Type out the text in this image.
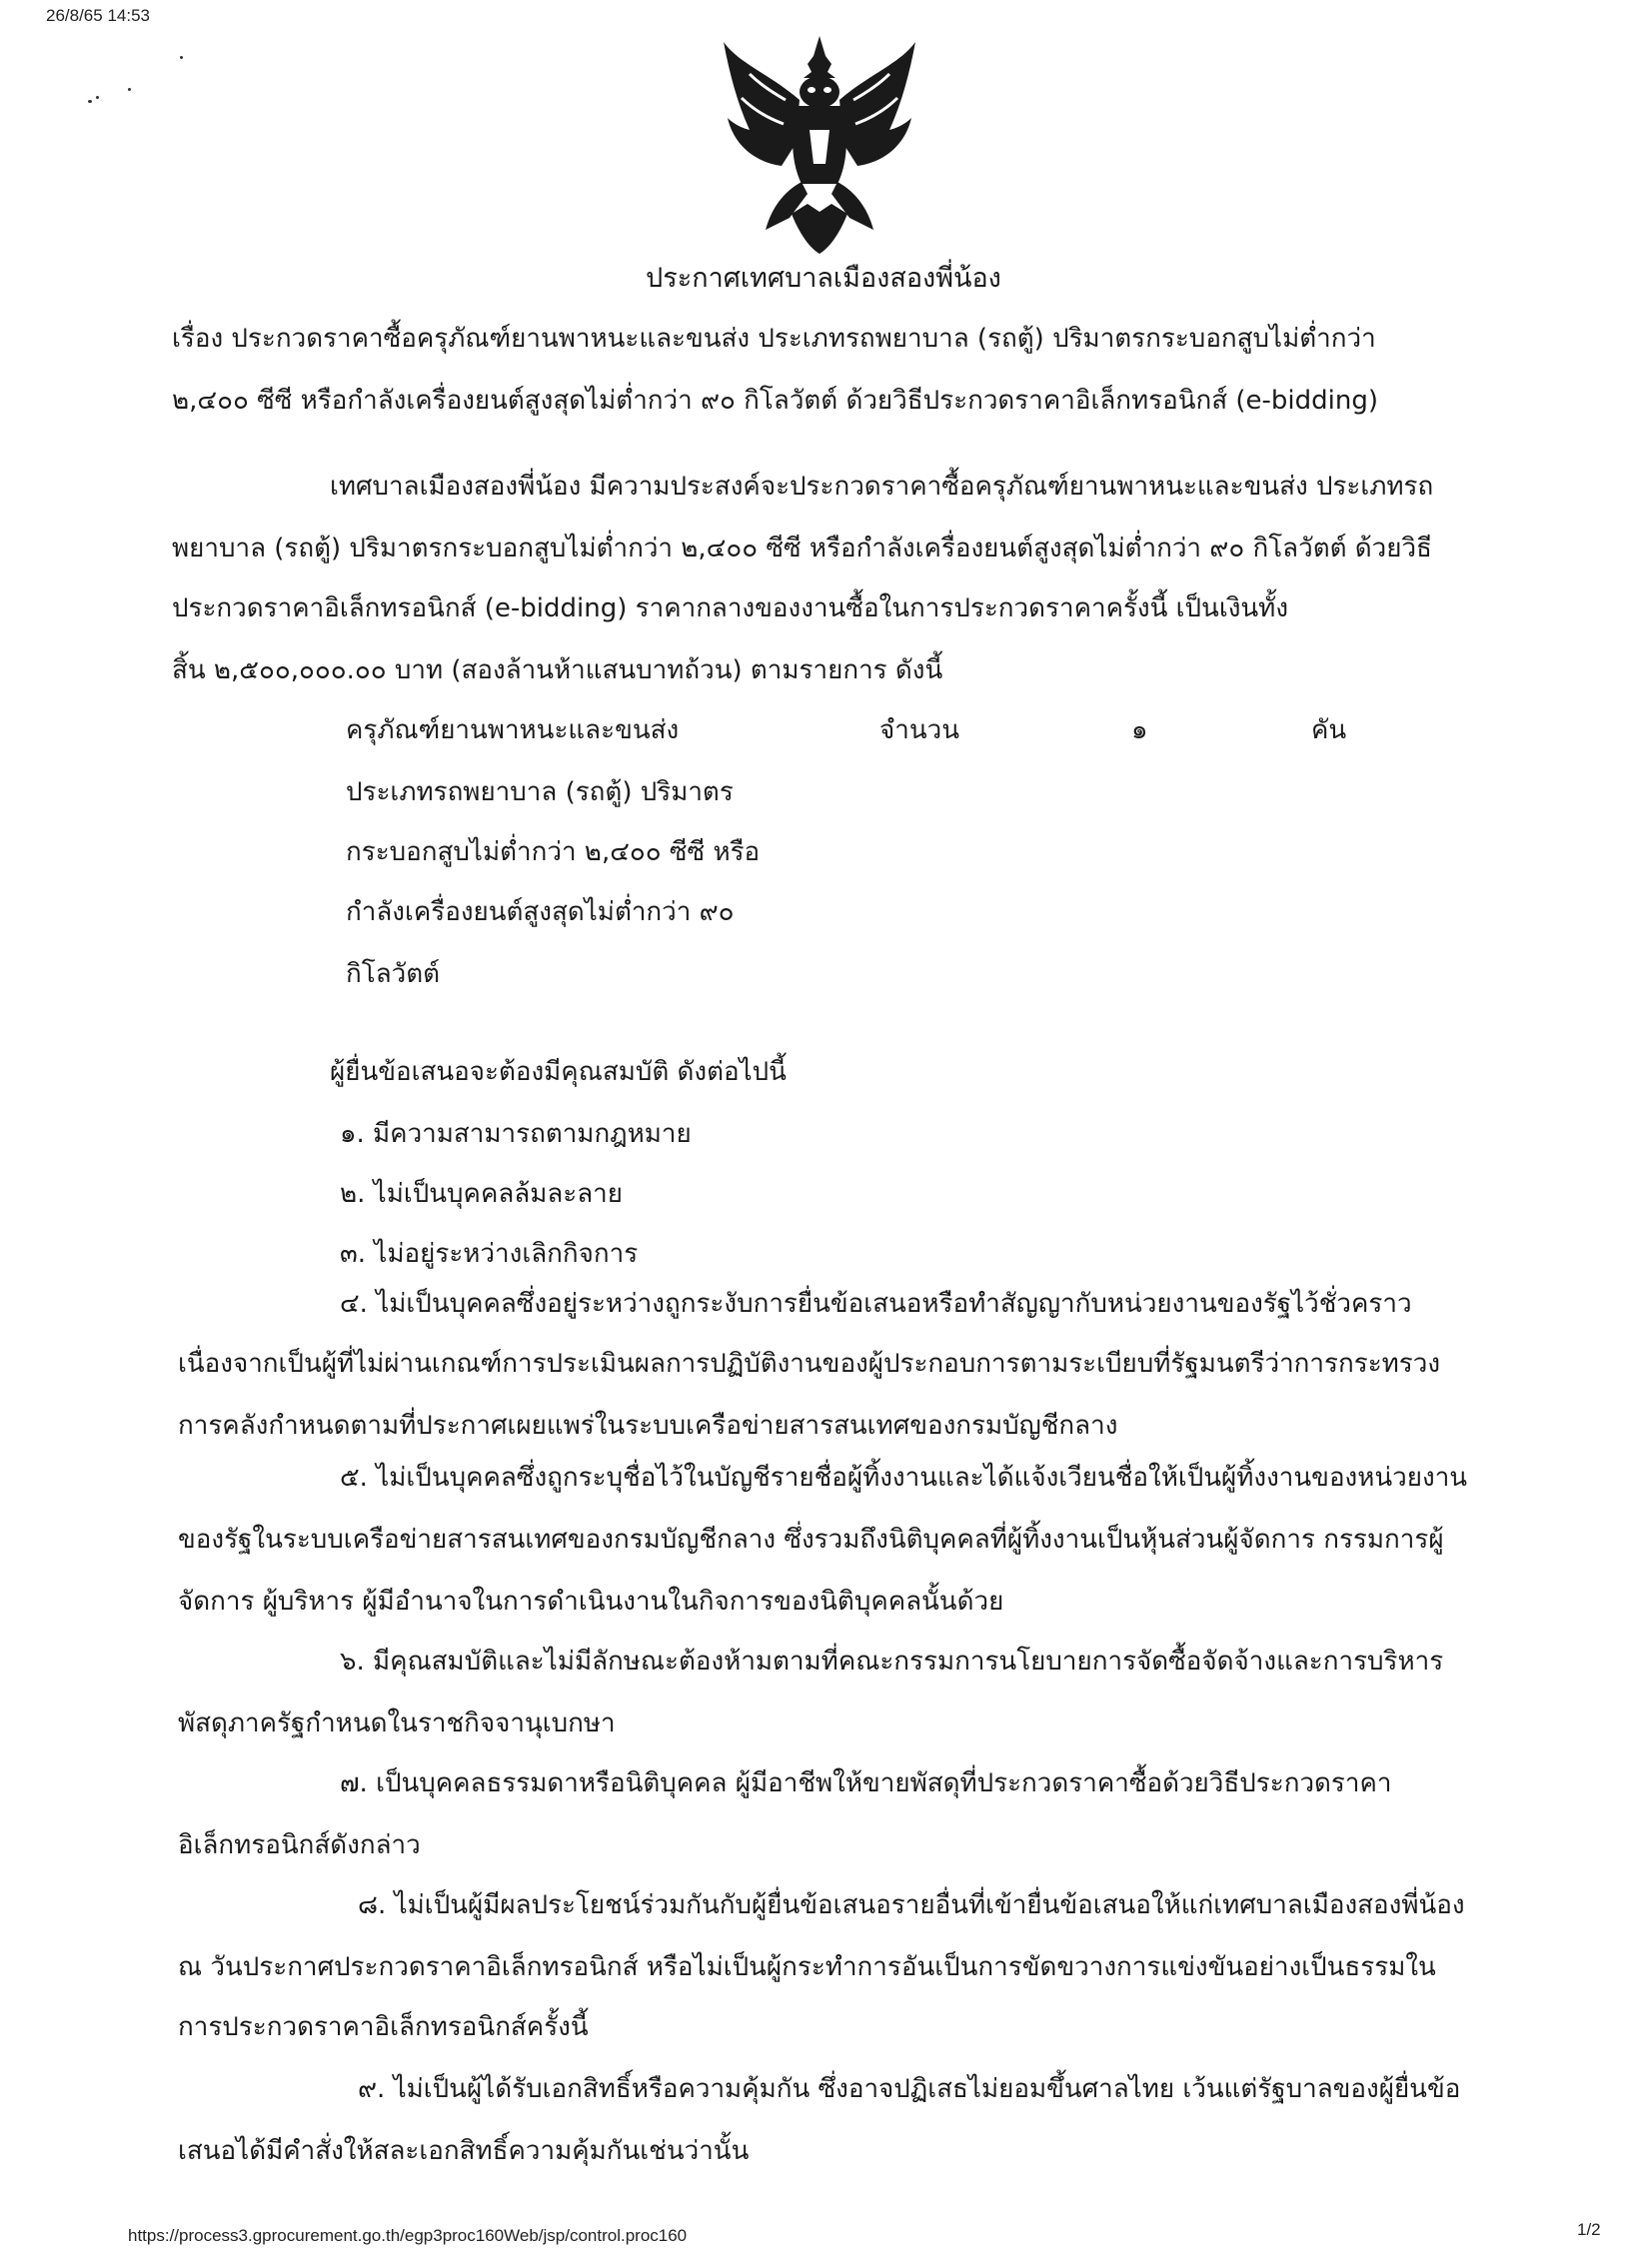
26/8/65 14:53
ประกาศเทศบาลเมืองสองพี่น้อง
เรื่อง ประกวดราคาซื้อครุภัณฑ์ยานพาหนะและขนส่ง ประเภทรถพยาบาล (รถตู้) ปริมาตรกระบอกสูบไม่ต่ำกว่า
๒,๔๐๐ ซีซี หรือกำลังเครื่องยนต์สูงสุดไม่ต่ำกว่า ๙๐ กิโลวัตต์ ด้วยวิธีประกวดราคาอิเล็กทรอนิกส์ (e-bidding)
เทศบาลเมืองสองพี่น้อง มีความประสงค์จะประกวดราคาซื้อครุภัณฑ์ยานพาหนะและขนส่ง ประเภทรถ
พยาบาล (รถตู้) ปริมาตรกระบอกสูบไม่ต่ำกว่า ๒,๔๐๐ ซีซี หรือกำลังเครื่องยนต์สูงสุดไม่ต่ำกว่า ๙๐ กิโลวัตต์ ด้วยวิธี
ประกวดราคาอิเล็กทรอนิกส์ (e-bidding) ราคากลางของงานซื้อในการประกวดราคาครั้งนี้ เป็นเงินทั้ง
สิ้น ๒,๕๐๐,๐๐๐.๐๐ บาท (สองล้านห้าแสนบาทถ้วน) ตามรายการ ดังนี้
ครุภัณฑ์ยานพาหนะและขนส่ง
ประเภทรถพยาบาล (รถตู้) ปริมาตร
กระบอกสูบไม่ต่ำกว่า ๒,๔๐๐ ซีซี หรือ
กำลังเครื่องยนต์สูงสุดไม่ต่ำกว่า ๙๐
กิโลวัตต์
จำนวน	๑	คัน
ผู้ยื่นข้อเสนอจะต้องมีคุณสมบัติ ดังต่อไปนี้
๑. มีความสามารถตามกฎหมาย
๒. ไม่เป็นบุคคลล้มละลาย
๓. ไม่อยู่ระหว่างเลิกกิจการ
๔. ไม่เป็นบุคคลซึ่งอยู่ระหว่างถูกระงับการยื่นข้อเสนอหรือทำสัญญากับหน่วยงานของรัฐไว้ชั่วคราว
เนื่องจากเป็นผู้ที่ไม่ผ่านเกณฑ์การประเมินผลการปฏิบัติงานของผู้ประกอบการตามระเบียบที่รัฐมนตรีว่าการกระทรวง
การคลังกำหนดตามที่ประกาศเผยแพร่ในระบบเครือข่ายสารสนเทศของกรมบัญชีกลาง
๕. ไม่เป็นบุคคลซึ่งถูกระบุชื่อไว้ในบัญชีรายชื่อผู้ทิ้งงานและได้แจ้งเวียนชื่อให้เป็นผู้ทิ้งงานของหน่วยงาน
ของรัฐในระบบเครือข่ายสารสนเทศของกรมบัญชีกลาง ซึ่งรวมถึงนิติบุคคลที่ผู้ทิ้งงานเป็นหุ้นส่วนผู้จัดการ กรรมการผู้
จัดการ ผู้บริหาร ผู้มีอำนาจในการดำเนินงานในกิจการของนิติบุคคลนั้นด้วย
๖. มีคุณสมบัติและไม่มีลักษณะต้องห้ามตามที่คณะกรรมการนโยบายการจัดซื้อจัดจ้างและการบริหาร
พัสดุภาครัฐกำหนดในราชกิจจานุเบกษา
๗. เป็นบุคคลธรรมดาหรือนิติบุคคล ผู้มีอาชีพให้ขายพัสดุที่ประกวดราคาซื้อด้วยวิธีประกวดราคา
อิเล็กทรอนิกส์ดังกล่าว
๘. ไม่เป็นผู้มีผลประโยชน์ร่วมกันกับผู้ยื่นข้อเสนอรายอื่นที่เข้ายื่นข้อเสนอให้แก่เทศบาลเมืองสองพี่น้อง
ณ วันประกาศประกวดราคาอิเล็กทรอนิกส์ หรือไม่เป็นผู้กระทำการอันเป็นการขัดขวางการแข่งขันอย่างเป็นธรรมใน
การประกวดราคาอิเล็กทรอนิกส์ครั้งนี้
๙. ไม่เป็นผู้ได้รับเอกสิทธิ์หรือความคุ้มกัน ซึ่งอาจปฏิเสธไม่ยอมขึ้นศาลไทย เว้นแต่รัฐบาลของผู้ยื่นข้อ
เสนอได้มีคำสั่งให้สละเอกสิทธิ์ความคุ้มกันเช่นว่านั้น
https://process3.gprocurement.go.th/egp3proc160Web/jsp/control.proc160	1/2
